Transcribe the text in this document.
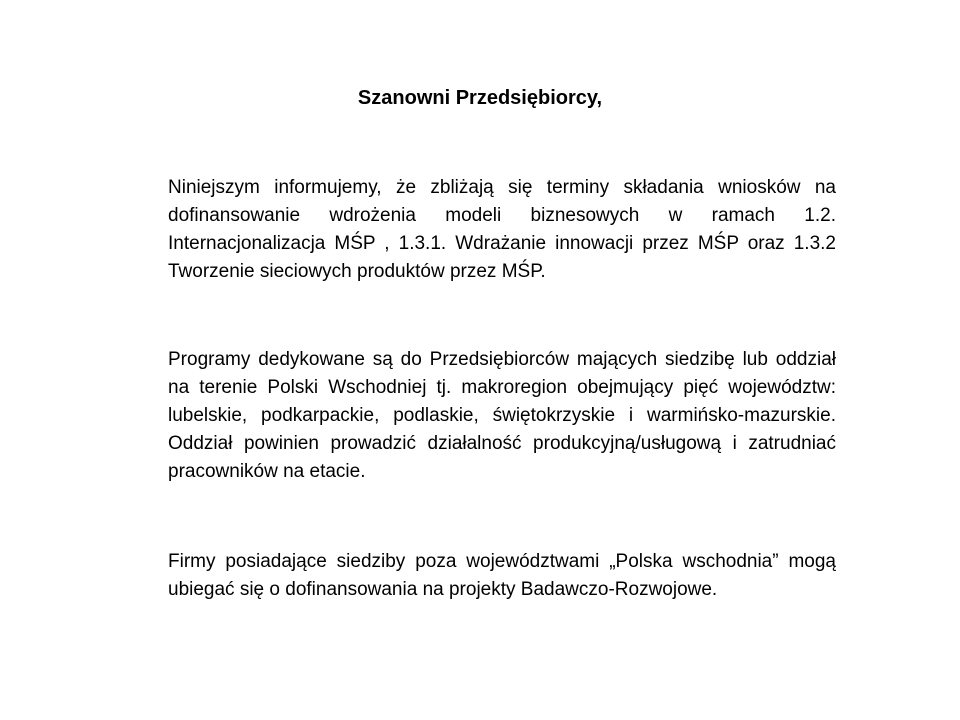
Szanowni Przedsiębiorcy,

Niniejszym informujemy, że zbliżają się terminy składania wniosków na dofinansowanie wdrożenia modeli biznesowych w ramach 1.2. Internacjonalizacja MŚP , 1.3.1. Wdrażanie innowacji przez MŚP oraz 1.3.2 Tworzenie sieciowych produktów przez MŚP.

Programy dedykowane są do Przedsiębiorców mających siedzibę lub oddział na terenie Polski Wschodniej tj. makroregion obejmujący pięć województw: lubelskie, podkarpackie, podlaskie, świętokrzyskie i warmińsko-mazurskie. Oddział powinien prowadzić działalność produkcyjną/usługową i zatrudniać pracowników na etacie.

Firmy posiadające siedziby poza województwami „Polska wschodnia” mogą ubiegać się o dofinansowania na projekty Badawczo-Rozwojowe.
